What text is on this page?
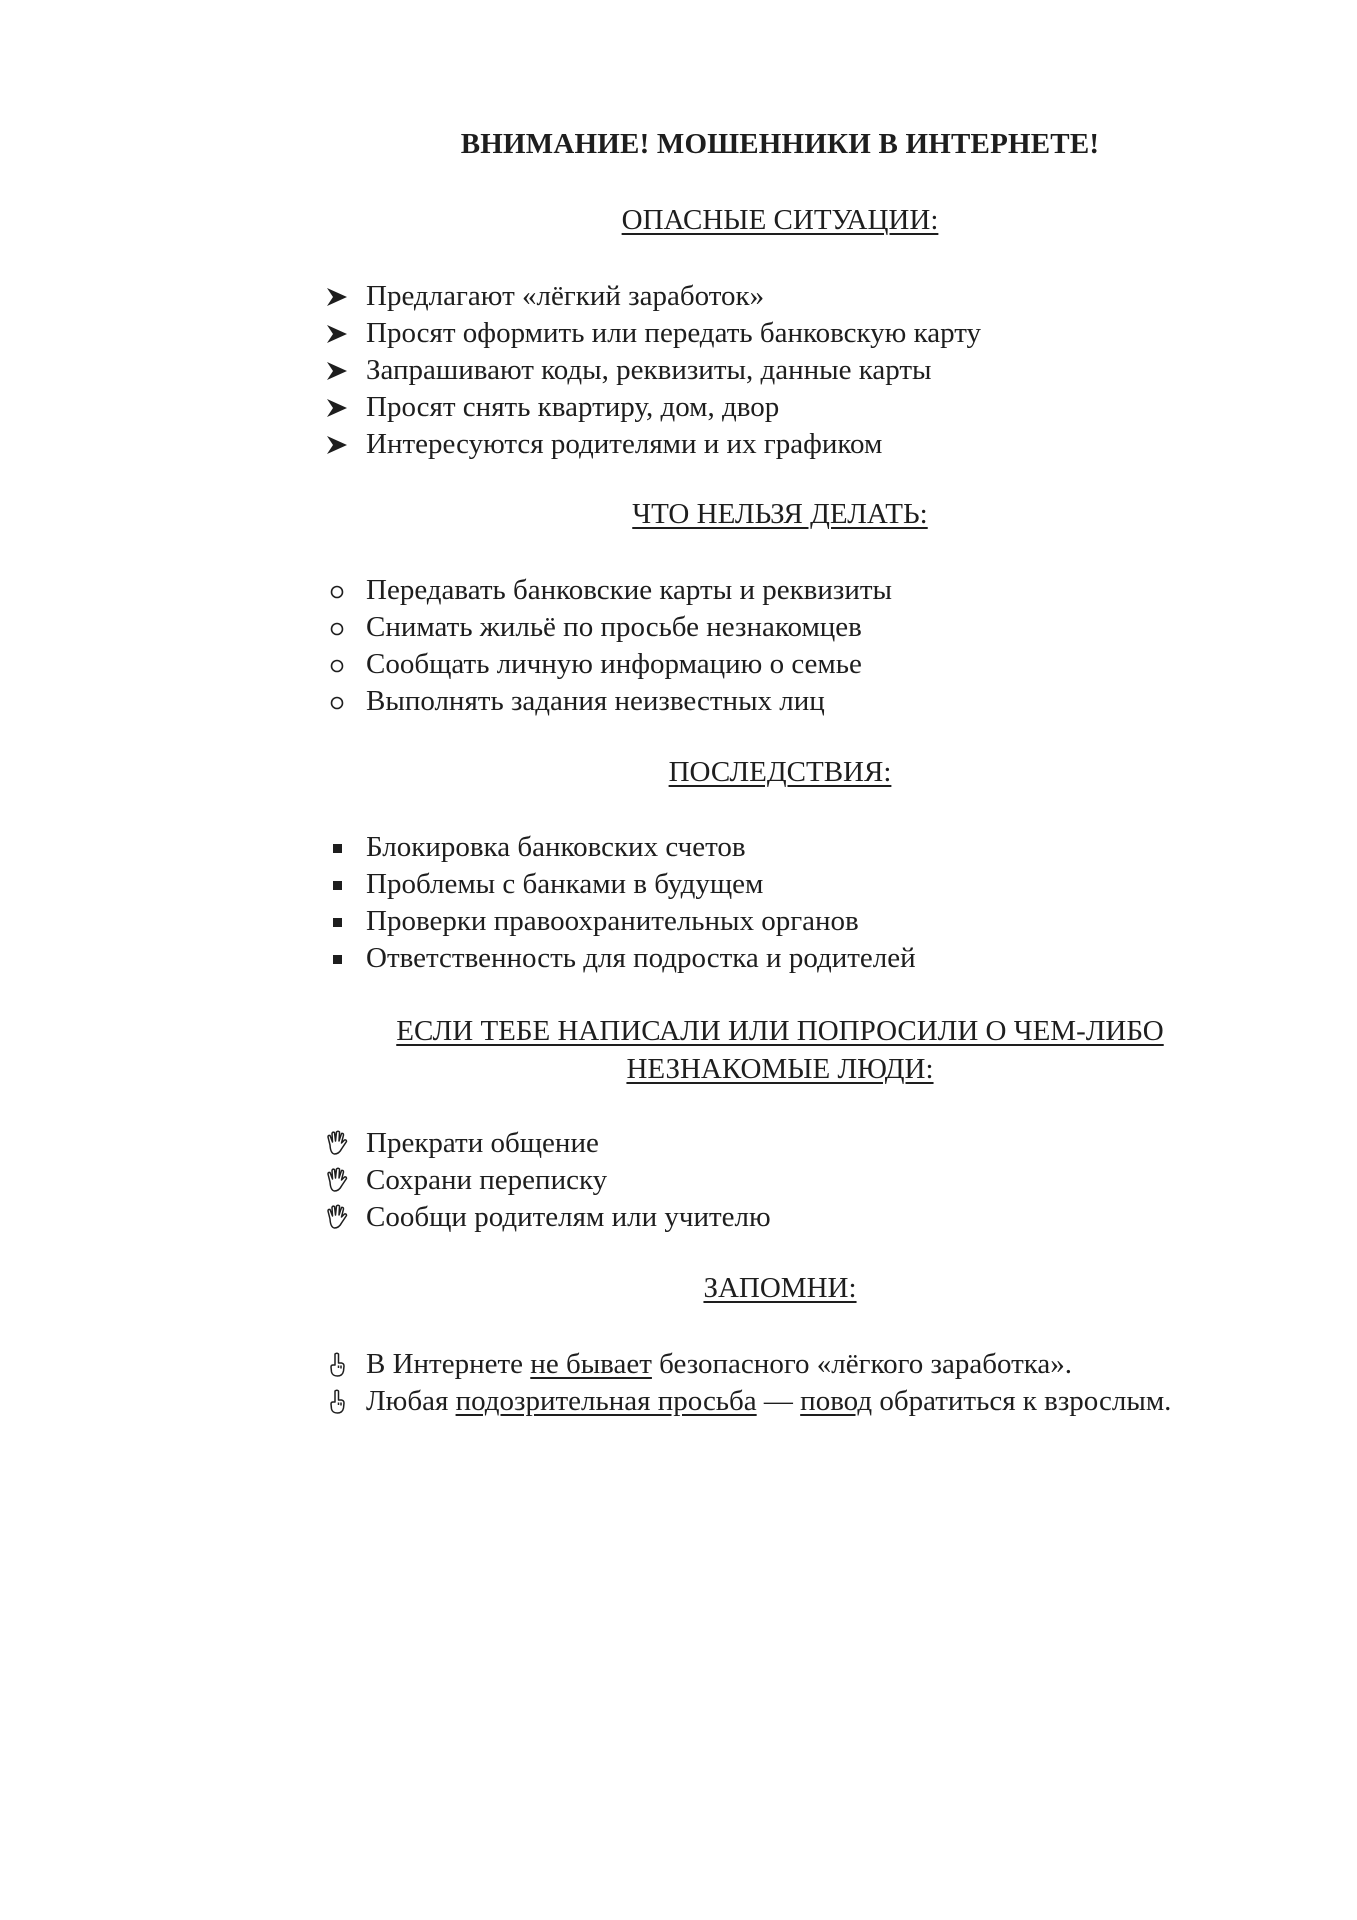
ВНИМАНИЕ! МОШЕННИКИ В ИНТЕРНЕТЕ!
ОПАСНЫЕ СИТУАЦИИ:
Предлагают «лёгкий заработок»
Просят оформить или передать банковскую карту
Запрашивают коды, реквизиты, данные карты
Просят снять квартиру, дом, двор
Интересуются родителями и их графиком
ЧТО НЕЛЬЗЯ ДЕЛАТЬ:
Передавать банковские карты и реквизиты
Снимать жильё по просьбе незнакомцев
Сообщать личную информацию о семье
Выполнять задания неизвестных лиц
ПОСЛЕДСТВИЯ:
Блокировка банковских счетов
Проблемы с банками в будущем
Проверки правоохранительных органов
Ответственность для подростка и родителей
ЕСЛИ ТЕБЕ НАПИСАЛИ ИЛИ ПОПРОСИЛИ О ЧЕМ-ЛИБО
НЕЗНАКОМЫЕ ЛЮДИ:
Прекрати общение
Сохрани переписку
Сообщи родителям или учителю
ЗАПОМНИ:
В Интернете не бывает безопасного «лёгкого заработка».
Любая подозрительная просьба — повод обратиться к взрослым.
